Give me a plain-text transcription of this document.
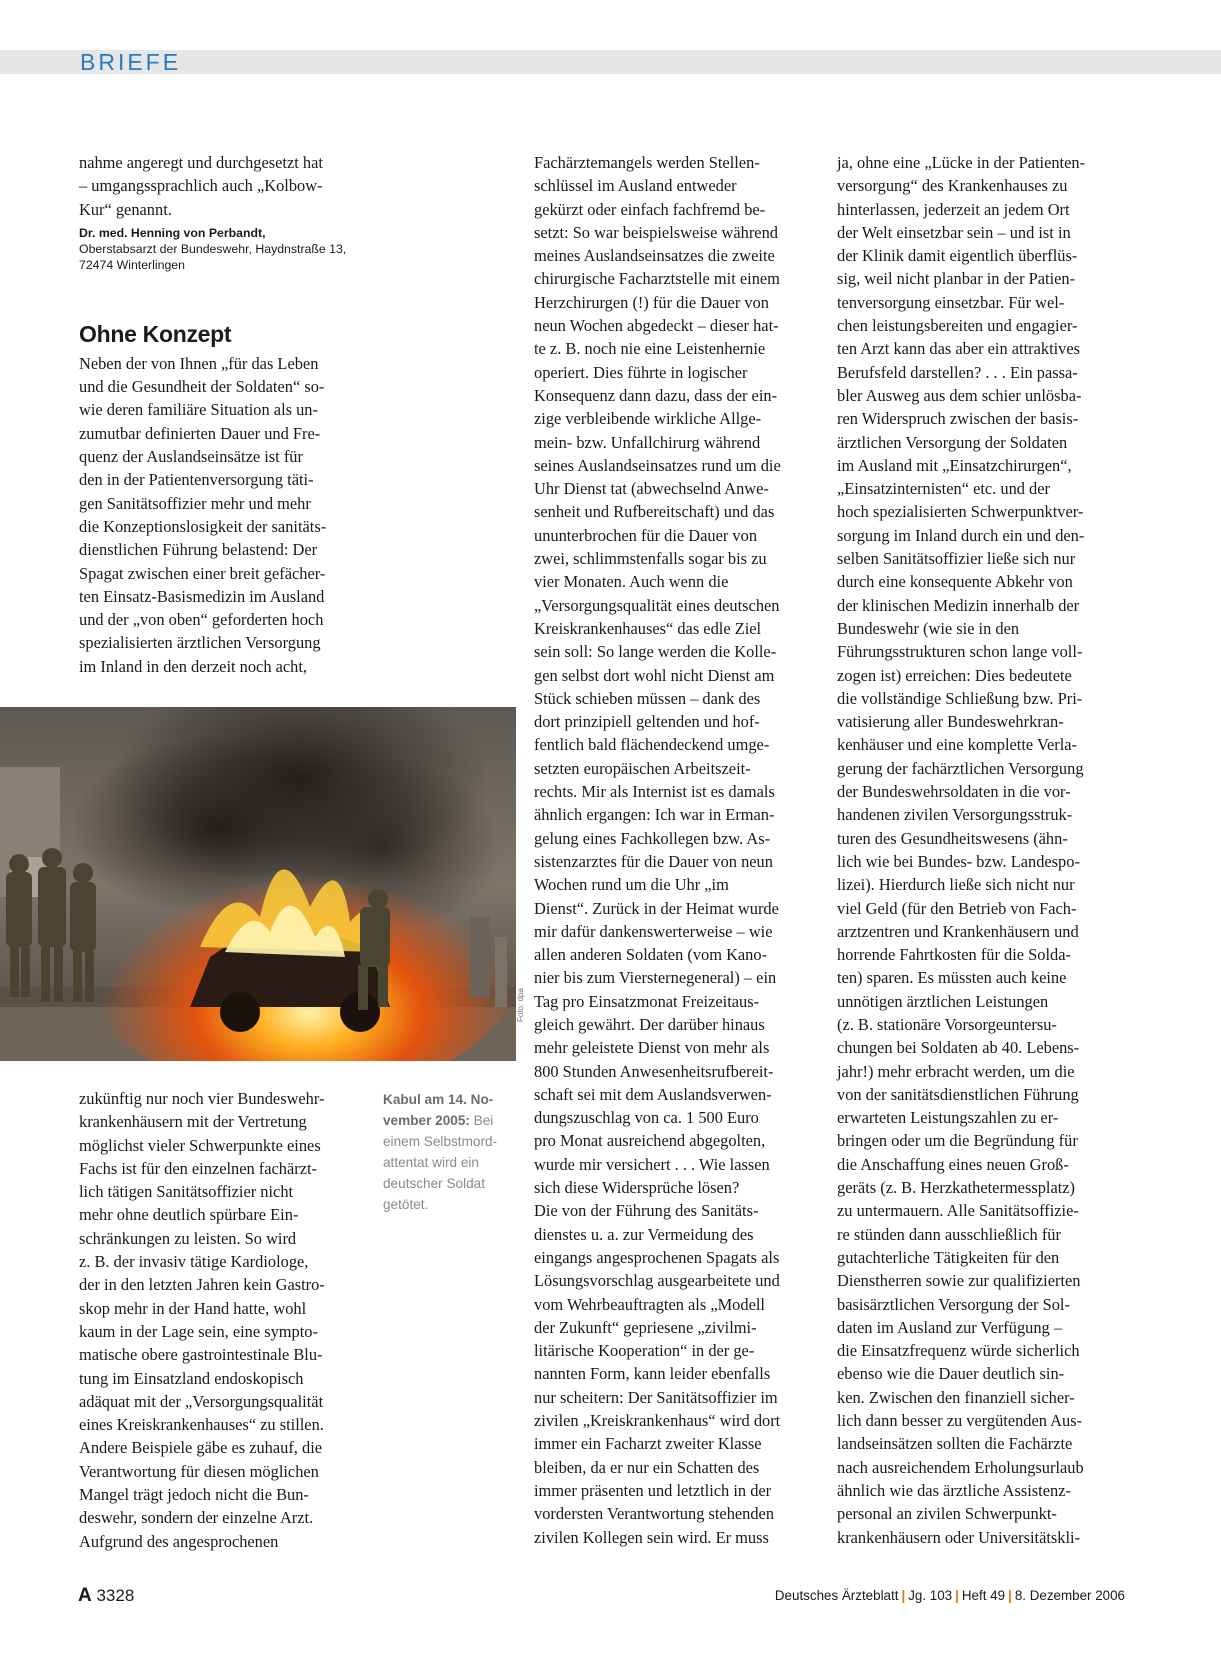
BRIEFE

nahme angeregt und durchgesetzt hat

– umgangssprachlich auch „Kolbow-

Kur“ genannt.

Dr. med. Henning von Perbandt,
Oberstabsarzt der Bundeswehr, Haydnstraße 13,
72474 Winterlingen
Ohne Konzept

Neben der von Ihnen „für das Leben

und die Gesundheit der Soldaten“ so-

wie deren familiäre Situation als un-

zumutbar definierten Dauer und Fre-

quenz der Auslandseinsätze ist für

den in der Patientenversorgung täti-

gen Sanitätsoffizier mehr und mehr

die Konzeptionslosigkeit der sanitäts-

dienstlichen Führung belastend: Der

Spagat zwischen einer breit gefächer-

ten Einsatz-Basismedizin im Ausland

und der „von oben“ geforderten hoch

spezialisierten ärztlichen Versorgung

im Inland in den derzeit noch acht,

Foto: dpa

Kabul am 14. No-

vember 2005: Bei

einem Selbstmord-

attentat wird ein

deutscher Soldat

getötet.

zukünftig nur noch vier Bundeswehr-

krankenhäusern mit der Vertretung

möglichst vieler Schwerpunkte eines

Fachs ist für den einzelnen fachärzt-

lich tätigen Sanitätsoffizier nicht

mehr ohne deutlich spürbare Ein-

schränkungen zu leisten. So wird

z. B. der invasiv tätige Kardiologe,

der in den letzten Jahren kein Gastro-

skop mehr in der Hand hatte, wohl

kaum in der Lage sein, eine sympto-

matische obere gastrointestinale Blu-

tung im Einsatzland endoskopisch

adäquat mit der „Versorgungsqualität

eines Kreiskrankenhauses“ zu stillen.

Andere Beispiele gäbe es zuhauf, die

Verantwortung für diesen möglichen

Mangel trägt jedoch nicht die Bun-

deswehr, sondern der einzelne Arzt.

Aufgrund des angesprochenen

Fachärztemangels werden Stellen-

schlüssel im Ausland entweder

gekürzt oder einfach fachfremd be-

setzt: So war beispielsweise während

meines Auslandseinsatzes die zweite

chirurgische Facharztstelle mit einem

Herzchirurgen (!) für die Dauer von

neun Wochen abgedeckt – dieser hat-

te z. B. noch nie eine Leistenhernie

operiert. Dies führte in logischer

Konsequenz dann dazu, dass der ein-

zige verbleibende wirkliche Allge-

mein- bzw. Unfallchirurg während

seines Auslandseinsatzes rund um die

Uhr Dienst tat (abwechselnd Anwe-

senheit und Rufbereitschaft) und das

ununterbrochen für die Dauer von

zwei, schlimmstenfalls sogar bis zu

vier Monaten. Auch wenn die

„Versorgungsqualität eines deutschen

Kreiskrankenhauses“ das edle Ziel

sein soll: So lange werden die Kolle-

gen selbst dort wohl nicht Dienst am

Stück schieben müssen – dank des

dort prinzipiell geltenden und hof-

fentlich bald flächendeckend umge-

setzten europäischen Arbeitszeit-

rechts. Mir als Internist ist es damals

ähnlich ergangen: Ich war in Erman-

gelung eines Fachkollegen bzw. As-

sistenzarztes für die Dauer von neun

Wochen rund um die Uhr „im

Dienst“. Zurück in der Heimat wurde

mir dafür dankenswerterweise – wie

allen anderen Soldaten (vom Kano-

nier bis zum Viersternegeneral) – ein

Tag pro Einsatzmonat Freizeitaus-

gleich gewährt. Der darüber hinaus

mehr geleistete Dienst von mehr als

800 Stunden Anwesenheitsrufbereit-

schaft sei mit dem Auslandsverwen-

dungszuschlag von ca. 1 500 Euro

pro Monat ausreichend abgegolten,

wurde mir versichert . . . Wie lassen

sich diese Widersprüche lösen?

Die von der Führung des Sanitäts-

dienstes u. a. zur Vermeidung des

eingangs angesprochenen Spagats als

Lösungsvorschlag ausgearbeitete und

vom Wehrbeauftragten als „Modell

der Zukunft“ gepriesene „zivilmi-

litärische Kooperation“ in der ge-

nannten Form, kann leider ebenfalls

nur scheitern: Der Sanitätsoffizier im

zivilen „Kreiskrankenhaus“ wird dort

immer ein Facharzt zweiter Klasse

bleiben, da er nur ein Schatten des

immer präsenten und letztlich in der

vordersten Verantwortung stehenden

zivilen Kollegen sein wird. Er muss

ja, ohne eine „Lücke in der Patienten-

versorgung“ des Krankenhauses zu

hinterlassen, jederzeit an jedem Ort

der Welt einsetzbar sein – und ist in

der Klinik damit eigentlich überflüs-

sig, weil nicht planbar in der Patien-

tenversorgung einsetzbar. Für wel-

chen leistungsbereiten und engagier-

ten Arzt kann das aber ein attraktives

Berufsfeld darstellen? . . . Ein passa-

bler Ausweg aus dem schier unlösba-

ren Widerspruch zwischen der basis-

ärztlichen Versorgung der Soldaten

im Ausland mit „Einsatzchirurgen“,

„Einsatzinternisten“ etc. und der

hoch spezialisierten Schwerpunktver-

sorgung im Inland durch ein und den-

selben Sanitätsoffizier ließe sich nur

durch eine konsequente Abkehr von

der klinischen Medizin innerhalb der

Bundeswehr (wie sie in den

Führungsstrukturen schon lange voll-

zogen ist) erreichen: Dies bedeutete

die vollständige Schließung bzw. Pri-

vatisierung aller Bundeswehrkran-

kenhäuser und eine komplette Verla-

gerung der fachärztlichen Versorgung

der Bundeswehrsoldaten in die vor-

handenen zivilen Versorgungsstruk-

turen des Gesundheitswesens (ähn-

lich wie bei Bundes- bzw. Landespo-

lizei). Hierdurch ließe sich nicht nur

viel Geld (für den Betrieb von Fach-

arztzentren und Krankenhäusern und

horrende Fahrtkosten für die Solda-

ten) sparen. Es müssten auch keine

unnötigen ärztlichen Leistungen

(z. B. stationäre Vorsorgeuntersu-

chungen bei Soldaten ab 40. Lebens-

jahr!) mehr erbracht werden, um die

von der sanitätsdienstlichen Führung

erwarteten Leistungszahlen zu er-

bringen oder um die Begründung für

die Anschaffung eines neuen Groß-

geräts (z. B. Herzkathetermessplatz)

zu untermauern. Alle Sanitätsoffizie-

re stünden dann ausschließlich für

gutachterliche Tätigkeiten für den

Dienstherren sowie zur qualifizierten

basisärztlichen Versorgung der Sol-

daten im Ausland zur Verfügung –

die Einsatzfrequenz würde sicherlich

ebenso wie die Dauer deutlich sin-

ken. Zwischen den finanziell sicher-

lich dann besser zu vergütenden Aus-

landseinsätzen sollten die Fachärzte

nach ausreichendem Erholungsurlaub

ähnlich wie das ärztliche Assistenz-

personal an zivilen Schwerpunkt-

krankenhäusern oder Universitätskli-

A 3328	Deutsches Ärzteblatt | Jg. 103 | Heft 49 | 8. Dezember 2006
